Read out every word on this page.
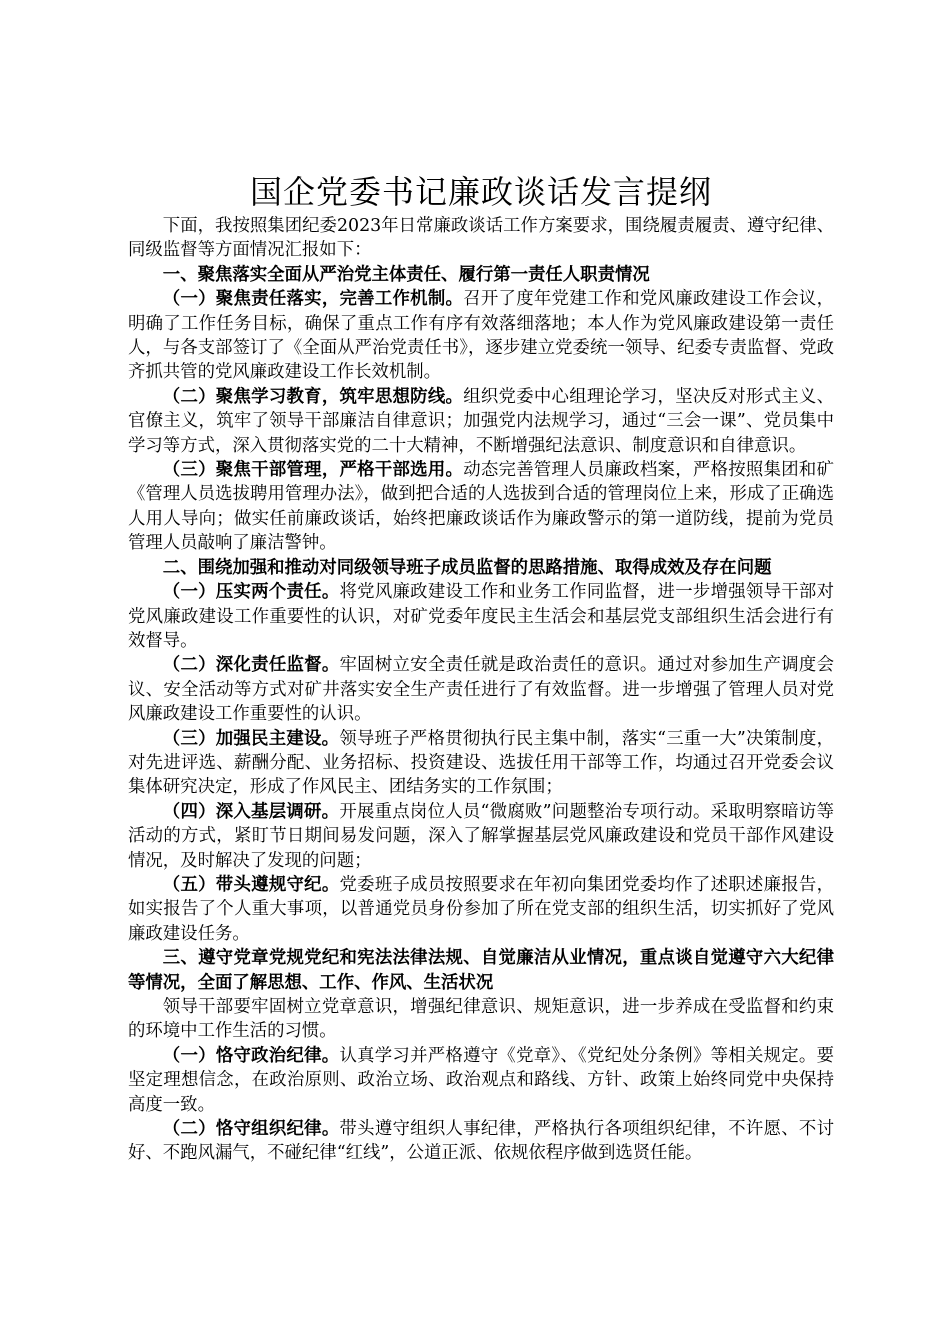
国企党委书记廉政谈话发言提纲

下面，我按照集团纪委2023年日常廉政谈话工作方案要求，围绕履责履责、遵守纪律、同级监督等方面情况汇报如下：

一、聚焦落实全面从严治党主体责任、履行第一责任人职责情况

（一）聚焦责任落实，完善工作机制。召开了度年党建工作和党风廉政建设工作会议，明确了工作任务目标，确保了重点工作有序有效落细落地；本人作为党风廉政建设第一责任人，与各支部签订了《全面从严治党责任书》，逐步建立党委统一领导、纪委专责监督、党政齐抓共管的党风廉政建设工作长效机制。

（二）聚焦学习教育，筑牢思想防线。组织党委中心组理论学习，坚决反对形式主义、官僚主义，筑牢了领导干部廉洁自律意识；加强党内法规学习，通过“三会一课”、党员集中学习等方式，深入贯彻落实党的二十大精神，不断增强纪法意识、制度意识和自律意识。

（三）聚焦干部管理，严格干部选用。动态完善管理人员廉政档案，严格按照集团和矿《管理人员选拔聘用管理办法》，做到把合适的人选拔到合适的管理岗位上来，形成了正确选人用人导向；做实任前廉政谈话，始终把廉政谈话作为廉政警示的第一道防线，提前为党员管理人员敲响了廉洁警钟。

二、围绕加强和推动对同级领导班子成员监督的思路措施、取得成效及存在问题

（一）压实两个责任。将党风廉政建设工作和业务工作同监督，进一步增强领导干部对党风廉政建设工作重要性的认识，对矿党委年度民主生活会和基层党支部组织生活会进行有效督导。

（二）深化责任监督。牢固树立安全责任就是政治责任的意识。通过对参加生产调度会议、安全活动等方式对矿井落实安全生产责任进行了有效监督。进一步增强了管理人员对党风廉政建设工作重要性的认识。

（三）加强民主建设。领导班子严格贯彻执行民主集中制，落实“三重一大”决策制度，对先进评选、薪酬分配、业务招标、投资建设、选拔任用干部等工作，均通过召开党委会议集体研究决定，形成了作风民主、团结务实的工作氛围；

（四）深入基层调研。开展重点岗位人员“微腐败”问题整治专项行动。采取明察暗访等活动的方式，紧盯节日期间易发问题，深入了解掌握基层党风廉政建设和党员干部作风建设情况，及时解决了发现的问题；

（五）带头遵规守纪。党委班子成员按照要求在年初向集团党委均作了述职述廉报告，如实报告了个人重大事项，以普通党员身份参加了所在党支部的组织生活，切实抓好了党风廉政建设任务。

三、遵守党章党规党纪和宪法法律法规、自觉廉洁从业情况，重点谈自觉遵守六大纪律等情况，全面了解思想、工作、作风、生活状况

领导干部要牢固树立党章意识，增强纪律意识、规矩意识，进一步养成在受监督和约束的环境中工作生活的习惯。

（一）恪守政治纪律。认真学习并严格遵守《党章》、《党纪处分条例》等相关规定。要坚定理想信念，在政治原则、政治立场、政治观点和路线、方针、政策上始终同党中央保持高度一致。

（二）恪守组织纪律。带头遵守组织人事纪律，严格执行各项组织纪律，不许愿、不讨好、不跑风漏气，不碰纪律“红线”，公道正派、依规依程序做到选贤任能。
